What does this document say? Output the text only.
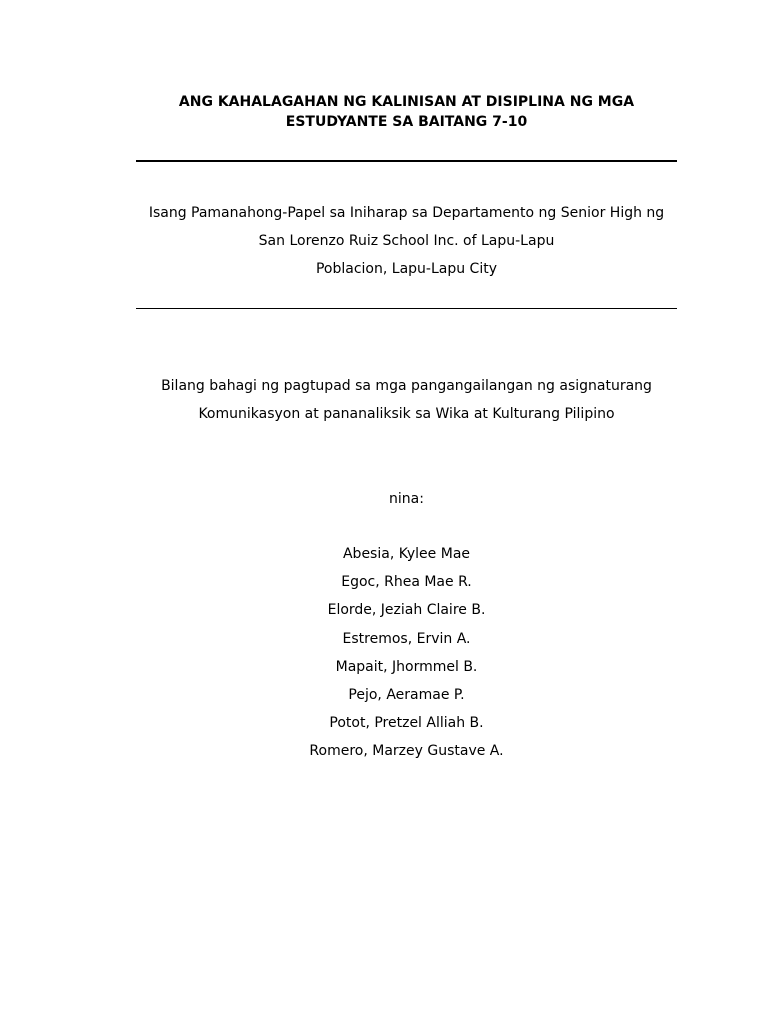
ANG KAHALAGAHAN NG KALINISAN AT DISIPLINA NG MGA
ESTUDYANTE SA BAITANG 7-10
Isang Pamanahong-Papel sa Iniharap sa Departamento ng Senior High ng
San Lorenzo Ruiz School Inc. of Lapu-Lapu
Poblacion, Lapu-Lapu City
Bilang bahagi ng pagtupad sa mga pangangailangan ng asignaturang
Komunikasyon at pananaliksik sa Wika at Kulturang Pilipino
nina:
Abesia, Kylee Mae
Egoc, Rhea Mae R.
Elorde, Jeziah Claire B.
Estremos, Ervin A.
Mapait, Jhormmel B.
Pejo, Aeramae P.
Potot, Pretzel Alliah B.
Romero, Marzey Gustave A.
